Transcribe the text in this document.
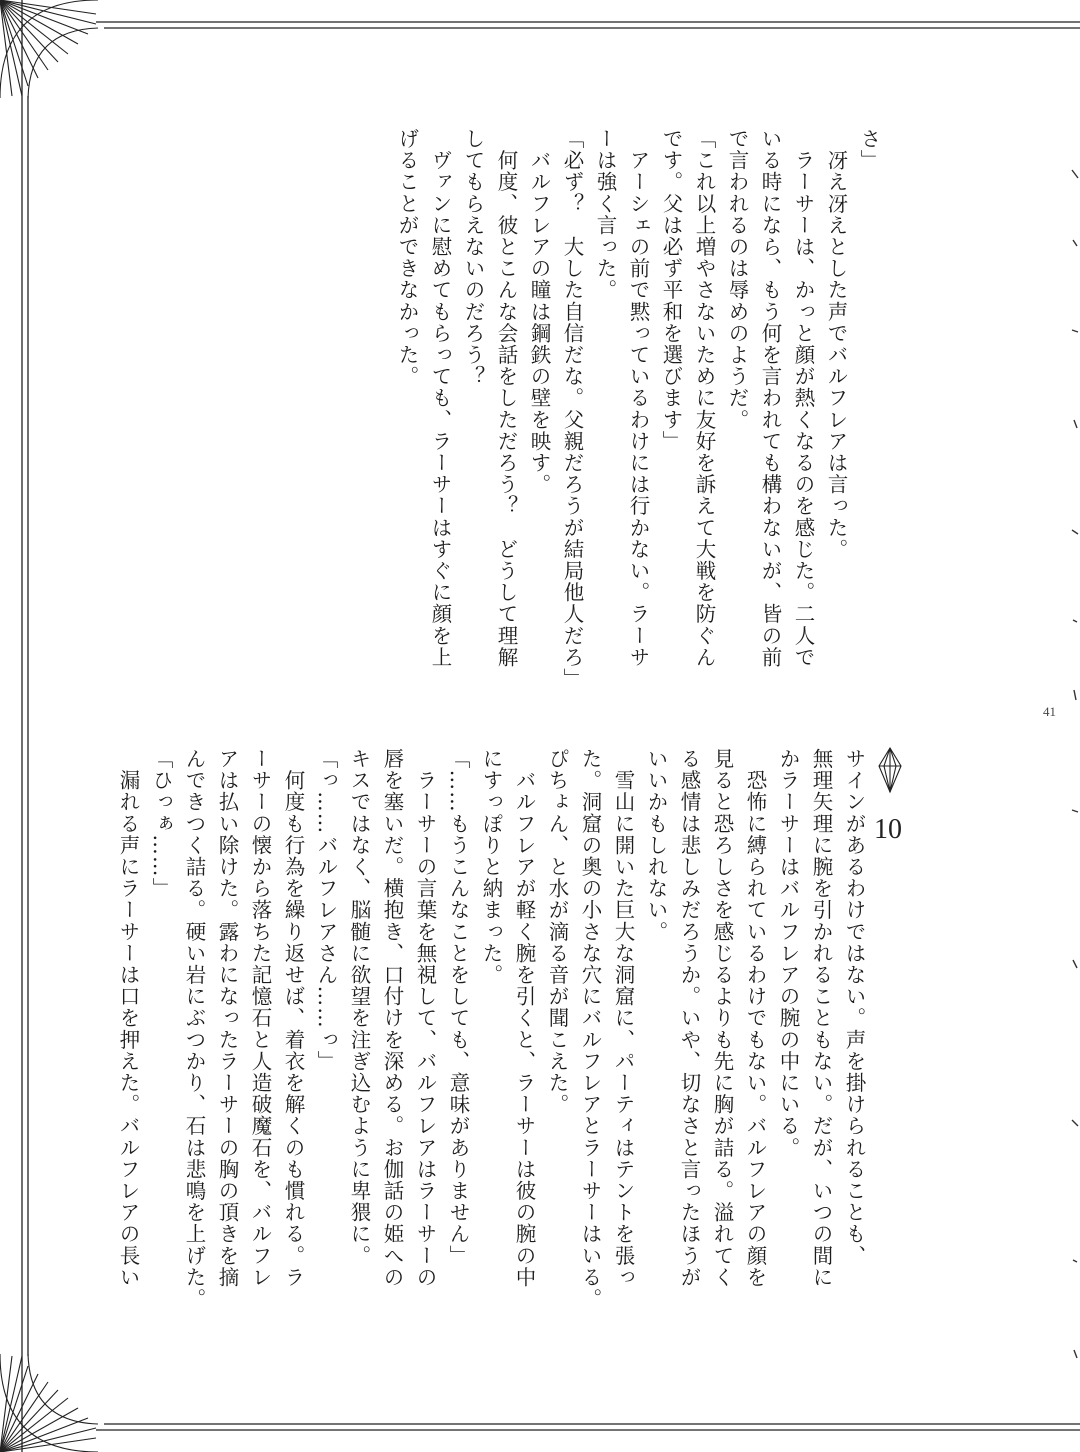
さ」

　冴え冴えとした声でバルフレアは言った。

　ラーサーは、かっと顔が熱くなるのを感じた。二人で

いる時になら、もう何を言われても構わないが、皆の前

で言われるのは辱めのようだ。

「これ以上増やさないために友好を訴えて大戦を防ぐん

です。父は必ず平和を選びます」

　アーシェの前で黙っているわけには行かない。ラーサ

ーは強く言った。

「必ず？　大した自信だな。父親だろうが結局他人だろ」

　バルフレアの瞳は鋼鉄の壁を映す。

　何度、彼とこんな会話をしただろう？　どうして理解

してもらえないのだろう？

　ヴァンに慰めてもらっても、ラーサーはすぐに顔を上

げることができなかった。

41
10

サインがあるわけではない。声を掛けられることも、

無理矢理に腕を引かれることもない。だが、いつの間に

かラーサーはバルフレアの腕の中にいる。

　恐怖に縛られているわけでもない。バルフレアの顔を

見ると恐ろしさを感じるよりも先に胸が詰る。溢れてく

る感情は悲しみだろうか。いや、切なさと言ったほうが

いいかもしれない。

　雪山に開いた巨大な洞窟に、パーティはテントを張っ

た。洞窟の奥の小さな穴にバルフレアとラーサーはいる。

ぴちょん、と水が滴る音が聞こえた。

　バルフレアが軽く腕を引くと、ラーサーは彼の腕の中

にすっぽりと納まった。

「……もうこんなことをしても、意味がありません」

　ラーサーの言葉を無視して、バルフレアはラーサーの

唇を塞いだ。横抱き、口付けを深める。お伽話の姫への

キスではなく、脳髄に欲望を注ぎ込むように卑猥に。

「っ……バルフレアさん……っ」

　何度も行為を繰り返せば、着衣を解くのも慣れる。ラ

ーサーの懐から落ちた記憶石と人造破魔石を、バルフレ

アは払い除けた。露わになったラーサーの胸の頂きを摘

んできつく詰る。硬い岩にぶつかり、石は悲鳴を上げた。

「ひっぁ……」

　漏れる声にラーサーは口を押えた。バルフレアの長い
